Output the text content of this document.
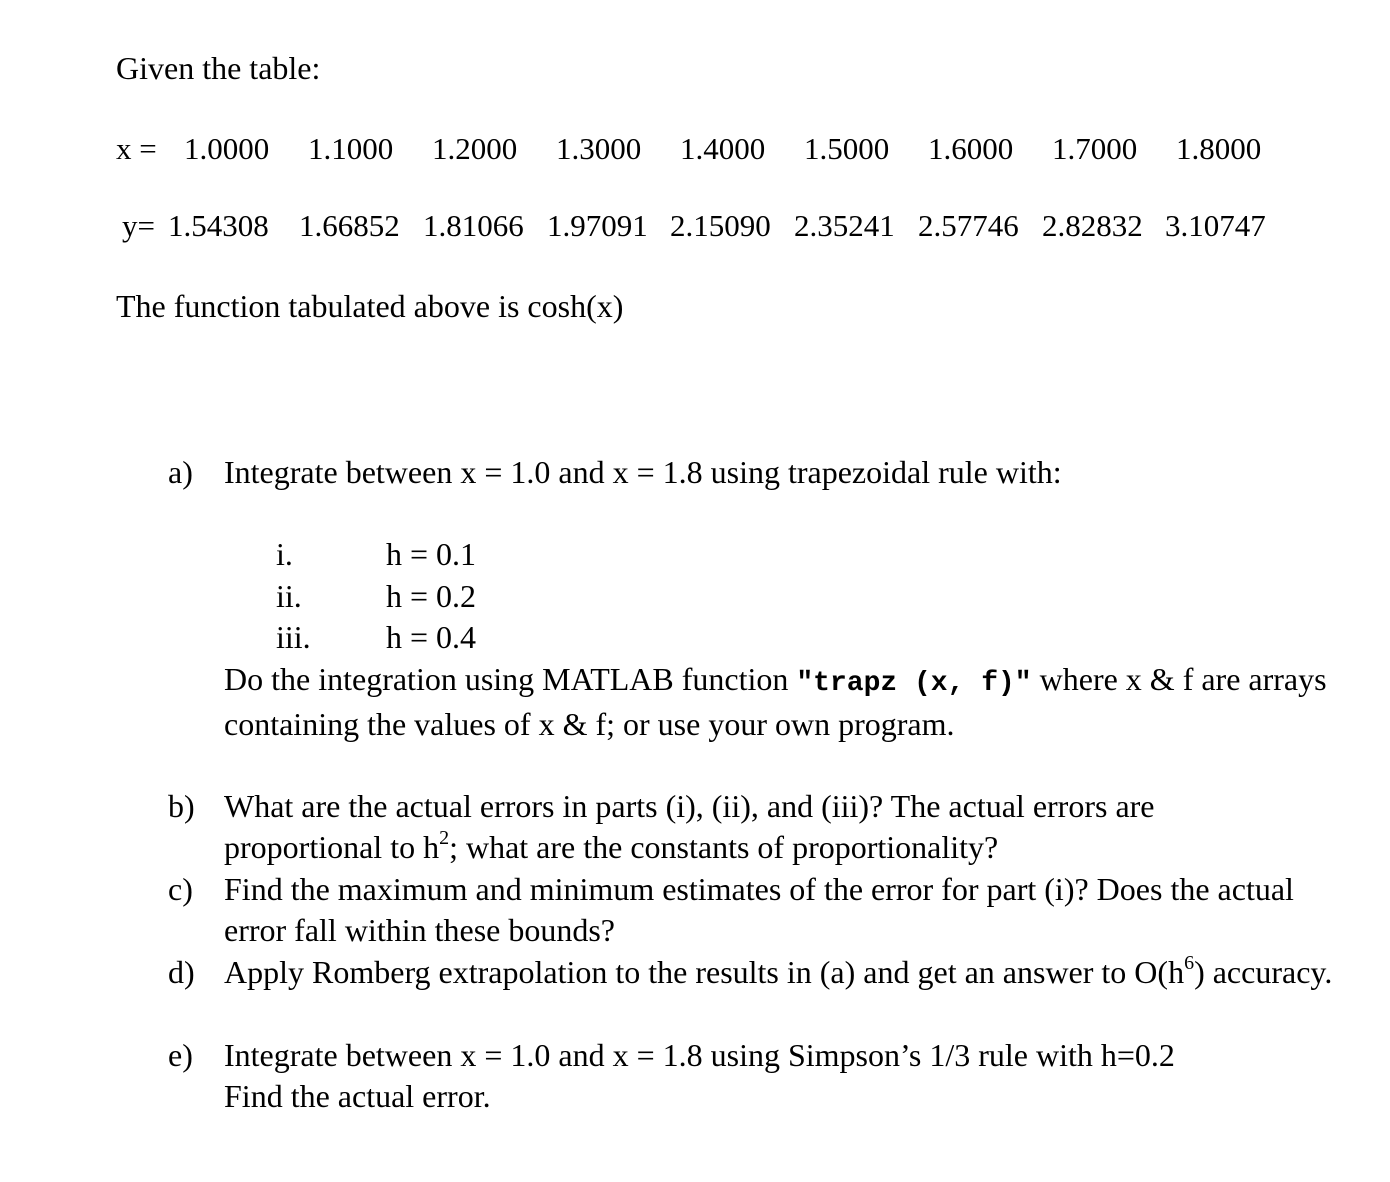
Given the table:
x = 1.0000 1.1000 1.2000 1.3000 1.4000 1.5000 1.6000 1.7000 1.8000
y= 1.54308 1.66852 1.81066 1.97091 2.15090 2.35241 2.57746 2.82832 3.10747
The function tabulated above is cosh(x)
a) Integrate between x = 1.0 and x = 1.8 using trapezoidal rule with:
i.	h = 0.1
ii.	h = 0.2
iii. h = 0.4
Do the integration using MATLAB function "trapz (x, f)" where x & f are arrays containing the values of x & f; or use your own program.
b) What are the actual errors in parts (i), (ii), and (iii)? The actual errors are proportional to $h^2$; what are the constants of proportionality?
c) Find the maximum and minimum estimates of the error for part (i)? Does the actual error fall within these bounds?
d) Apply Romberg extrapolation to the results in (a) and get an answer to $O(h^6)$ accuracy.
e) Integrate between x = 1.0 and x = 1.8 using Simpson’s 1/3 rule with h=0.2
Find the actual error.
